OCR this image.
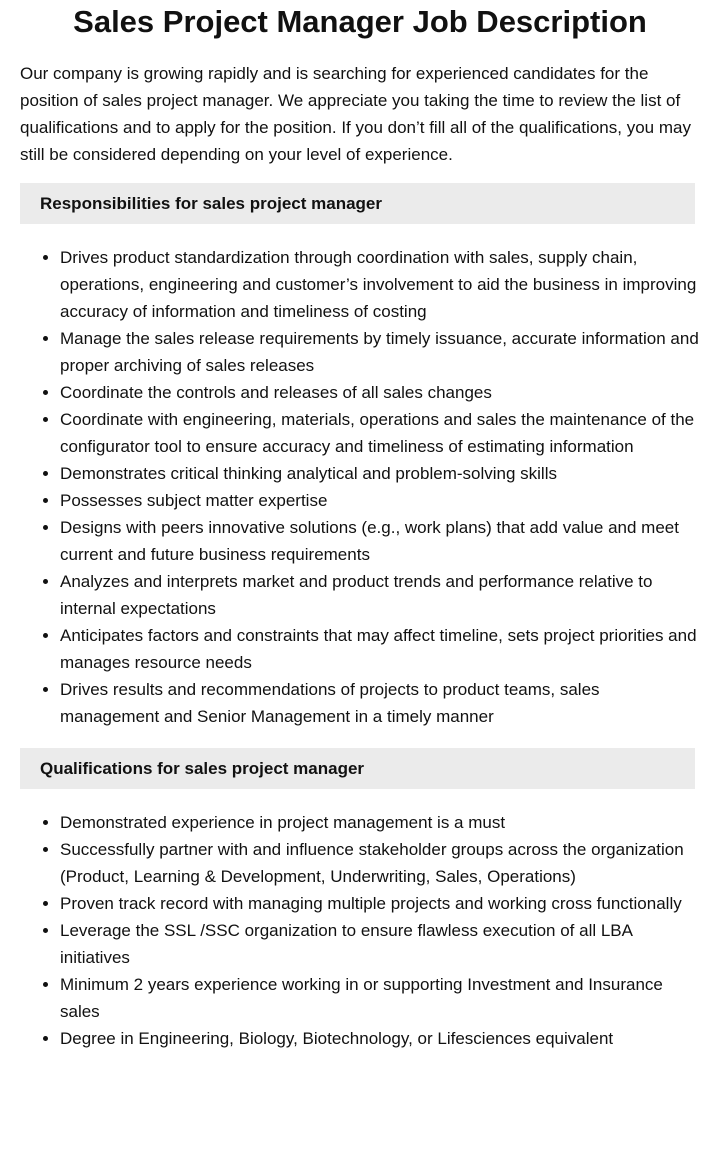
Sales Project Manager Job Description

Our company is growing rapidly and is searching for experienced candidates for the position of sales project manager. We appreciate you taking the time to review the list of qualifications and to apply for the position. If you don’t fill all of the qualifications, you may still be considered depending on your level of experience.

Responsibilities for sales project manager
• Drives product standardization through coordination with sales, supply chain, operations, engineering and customer’s involvement to aid the business in improving accuracy of information and timeliness of costing
• Manage the sales release requirements by timely issuance, accurate information and proper archiving of sales releases
• Coordinate the controls and releases of all sales changes
• Coordinate with engineering, materials, operations and sales the maintenance of the configurator tool to ensure accuracy and timeliness of estimating information
• Demonstrates critical thinking analytical and problem-solving skills
• Possesses subject matter expertise
• Designs with peers innovative solutions (e.g., work plans) that add value and meet current and future business requirements
• Analyzes and interprets market and product trends and performance relative to internal expectations
• Anticipates factors and constraints that may affect timeline, sets project priorities and manages resource needs
• Drives results and recommendations of projects to product teams, sales management and Senior Management in a timely manner
Qualifications for sales project manager
• Demonstrated experience in project management is a must
• Successfully partner with and influence stakeholder groups across the organization (Product, Learning & Development, Underwriting, Sales, Operations)
• Proven track record with managing multiple projects and working cross functionally
• Leverage the SSL /SSC organization to ensure flawless execution of all LBA initiatives
• Minimum 2 years experience working in or supporting Investment and Insurance sales
• Degree in Engineering, Biology, Biotechnology, or Lifesciences equivalent
